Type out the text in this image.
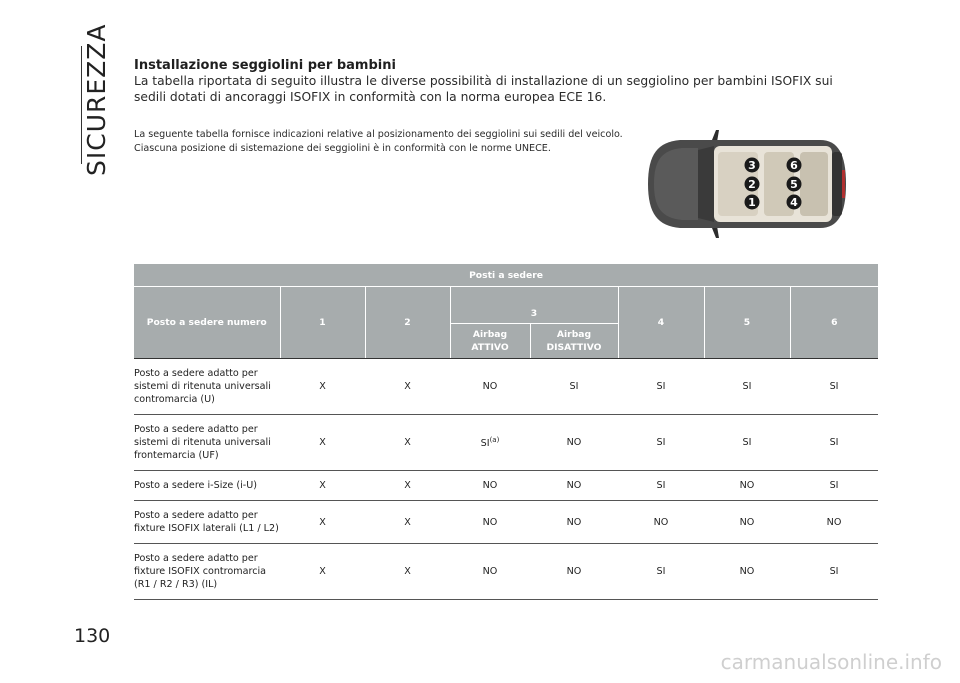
SICUREZZA
130
Installazione seggiolini per bambini
La tabella riportata di seguito illustra le diverse possibilità di installazione di un seggiolino per bambini ISOFIX sui sedili dotati di ancoraggi ISOFIX in conformità con la norma europea ECE 16.
La seguente tabella fornisce indicazioni relative al posizionamento dei seggiolini sui sedili del veicolo. Ciascuna posizione di sistemazione dei seggiolini è in conformità con le norme UNECE.
3	6
2	5
1	4
Posti a sedere							
Posto a sedere numero	1	2	3		4	5	6
			Airbag ATTIVO	Airbag DISATTIVO			
Posto a sedere adatto per sistemi di ritenuta universali contromarcia (U)	X	X	NO	SI	SI	SI	SI
Posto a sedere adatto per sistemi di ritenuta universali frontemarcia (UF)	X	X	SI$^{(a)}$	NO	SI	SI	SI
Posto a sedere i-Size (i-U)	X	X	NO	NO	SI	NO	SI
Posto a sedere adatto per fixture ISOFIX laterali (L1 / L2)	X	X	NO	NO	NO	NO	NO
Posto a sedere adatto per fixture ISOFIX contromarcia (R1 / R2 / R3) (IL)	X	X	NO	NO	SI	NO	SI
carmanualsonline.info
